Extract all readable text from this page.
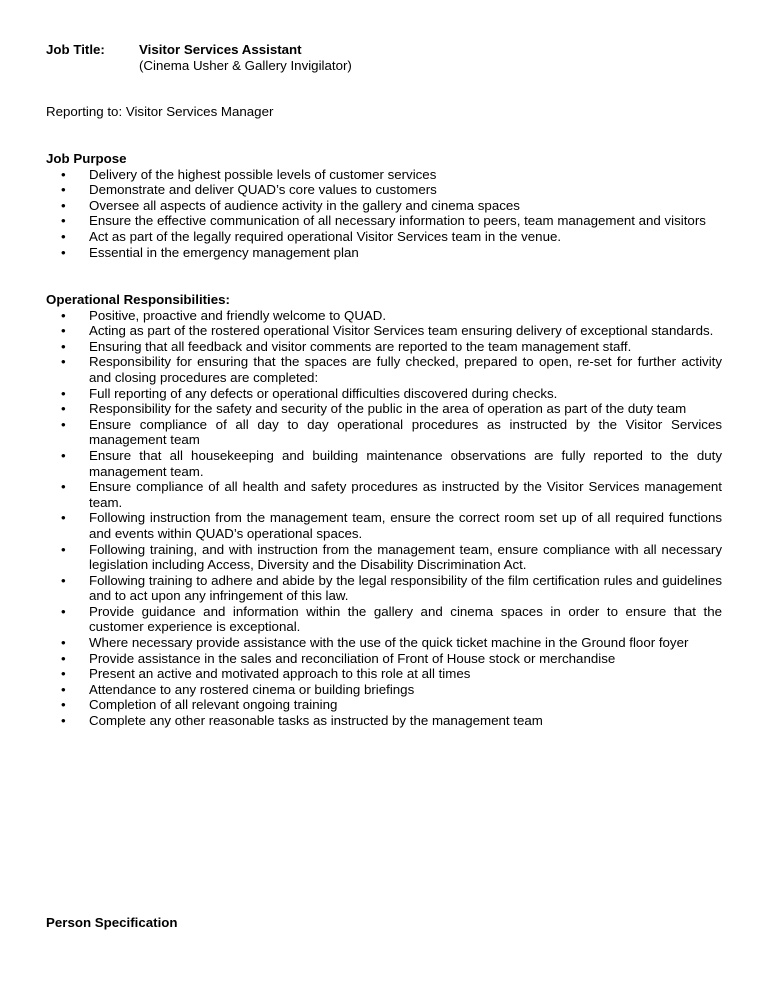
Job Title:	Visitor Services Assistant
(Cinema Usher & Gallery Invigilator)
Reporting to: Visitor Services Manager

Job Purpose

• Delivery of the highest possible levels of customer services
• Demonstrate and deliver QUAD’s core values to customers
• Oversee all aspects of audience activity in the gallery and cinema spaces
• Ensure the effective communication of all necessary information to peers, team management and visitors
• Act as part of the legally required operational Visitor Services team in the venue.
• Essential in the emergency management plan

Operational Responsibilities:

• Positive, proactive and friendly welcome to QUAD.
• Acting as part of the rostered operational Visitor Services team ensuring delivery of exceptional standards.
• Ensuring that all feedback and visitor comments are reported to the team management staff.
• Responsibility for ensuring that the spaces are fully checked, prepared to open, re-set for further activity and closing procedures are completed:
• Full reporting of any defects or operational difficulties discovered during checks.
• Responsibility for the safety and security of the public in the area of operation as part of the duty team
• Ensure compliance of all day to day operational procedures as instructed by the Visitor Services management team
• Ensure that all housekeeping and building maintenance observations are fully reported to the duty management team.
• Ensure compliance of all health and safety procedures as instructed by the Visitor Services management team.
• Following instruction from the management team, ensure the correct room set up of all required functions and events within QUAD’s operational spaces.
• Following training, and with instruction from the management team, ensure compliance with all necessary legislation including Access, Diversity and the Disability Discrimination Act.
• Following training to adhere and abide by the legal responsibility of the film certification rules and guidelines and to act upon any infringement of this law.
• Provide guidance and information within the gallery and cinema spaces in order to ensure that the customer experience is exceptional.
• Where necessary provide assistance with the use of the quick ticket machine in the Ground floor foyer
• Provide assistance in the sales and reconciliation of Front of House stock or merchandise
• Present an active and motivated approach to this role at all times
• Attendance to any rostered cinema or building briefings
• Completion of all relevant ongoing training
• Complete any other reasonable tasks as instructed by the management team

Person Specification
